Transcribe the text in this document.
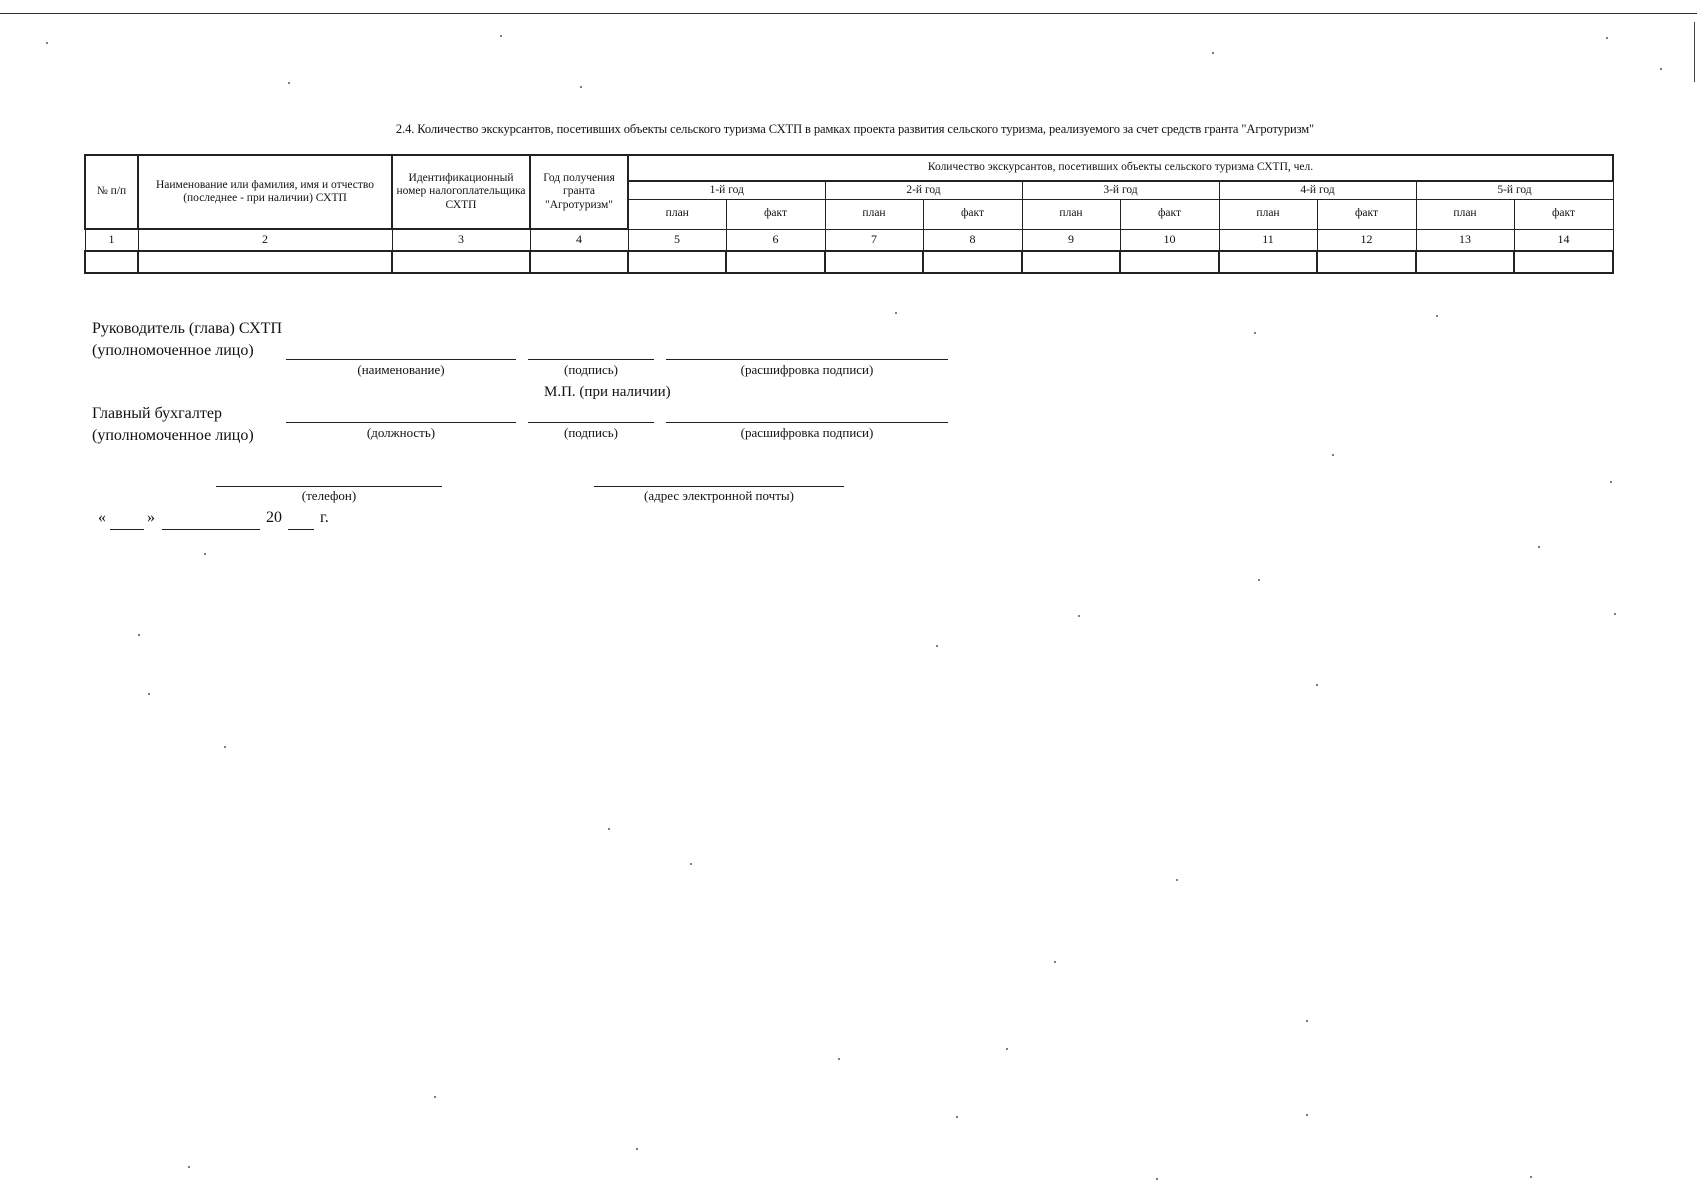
2.4. Количество экскурсантов, посетивших объекты сельского туризма СХТП в рамках проекта развития сельского туризма, реализуемого за счет средств гранта "Агротуризм"
№ п/п	Наименование или фамилия, имя и отчество (последнее - при наличии) СХТП	Идентификационный номер налогоплательщика СХТП	Год получения гранта "Агротуризм"	Количество экскурсантов, посетивших объекты сельского туризма СХТП, чел.									
				1-й год		2-й год		3-й год		4-й год		5-й год	
				план	факт	план	факт	план	факт	план	факт	план	факт
1	2	3	4	5	6	7	8	9	10	11	12	13	14

Руководитель (глава) СХТП
(уполномоченное лицо)
(наименование)	(подпись)	(расшифровка подписи)
М.П. (при наличии)
Главный бухгалтер
(уполномоченное лицо)	(должность)	(подпись)	(расшифровка подписи)
(телефон)	(адрес электронной почты)
«	»	20 г.
